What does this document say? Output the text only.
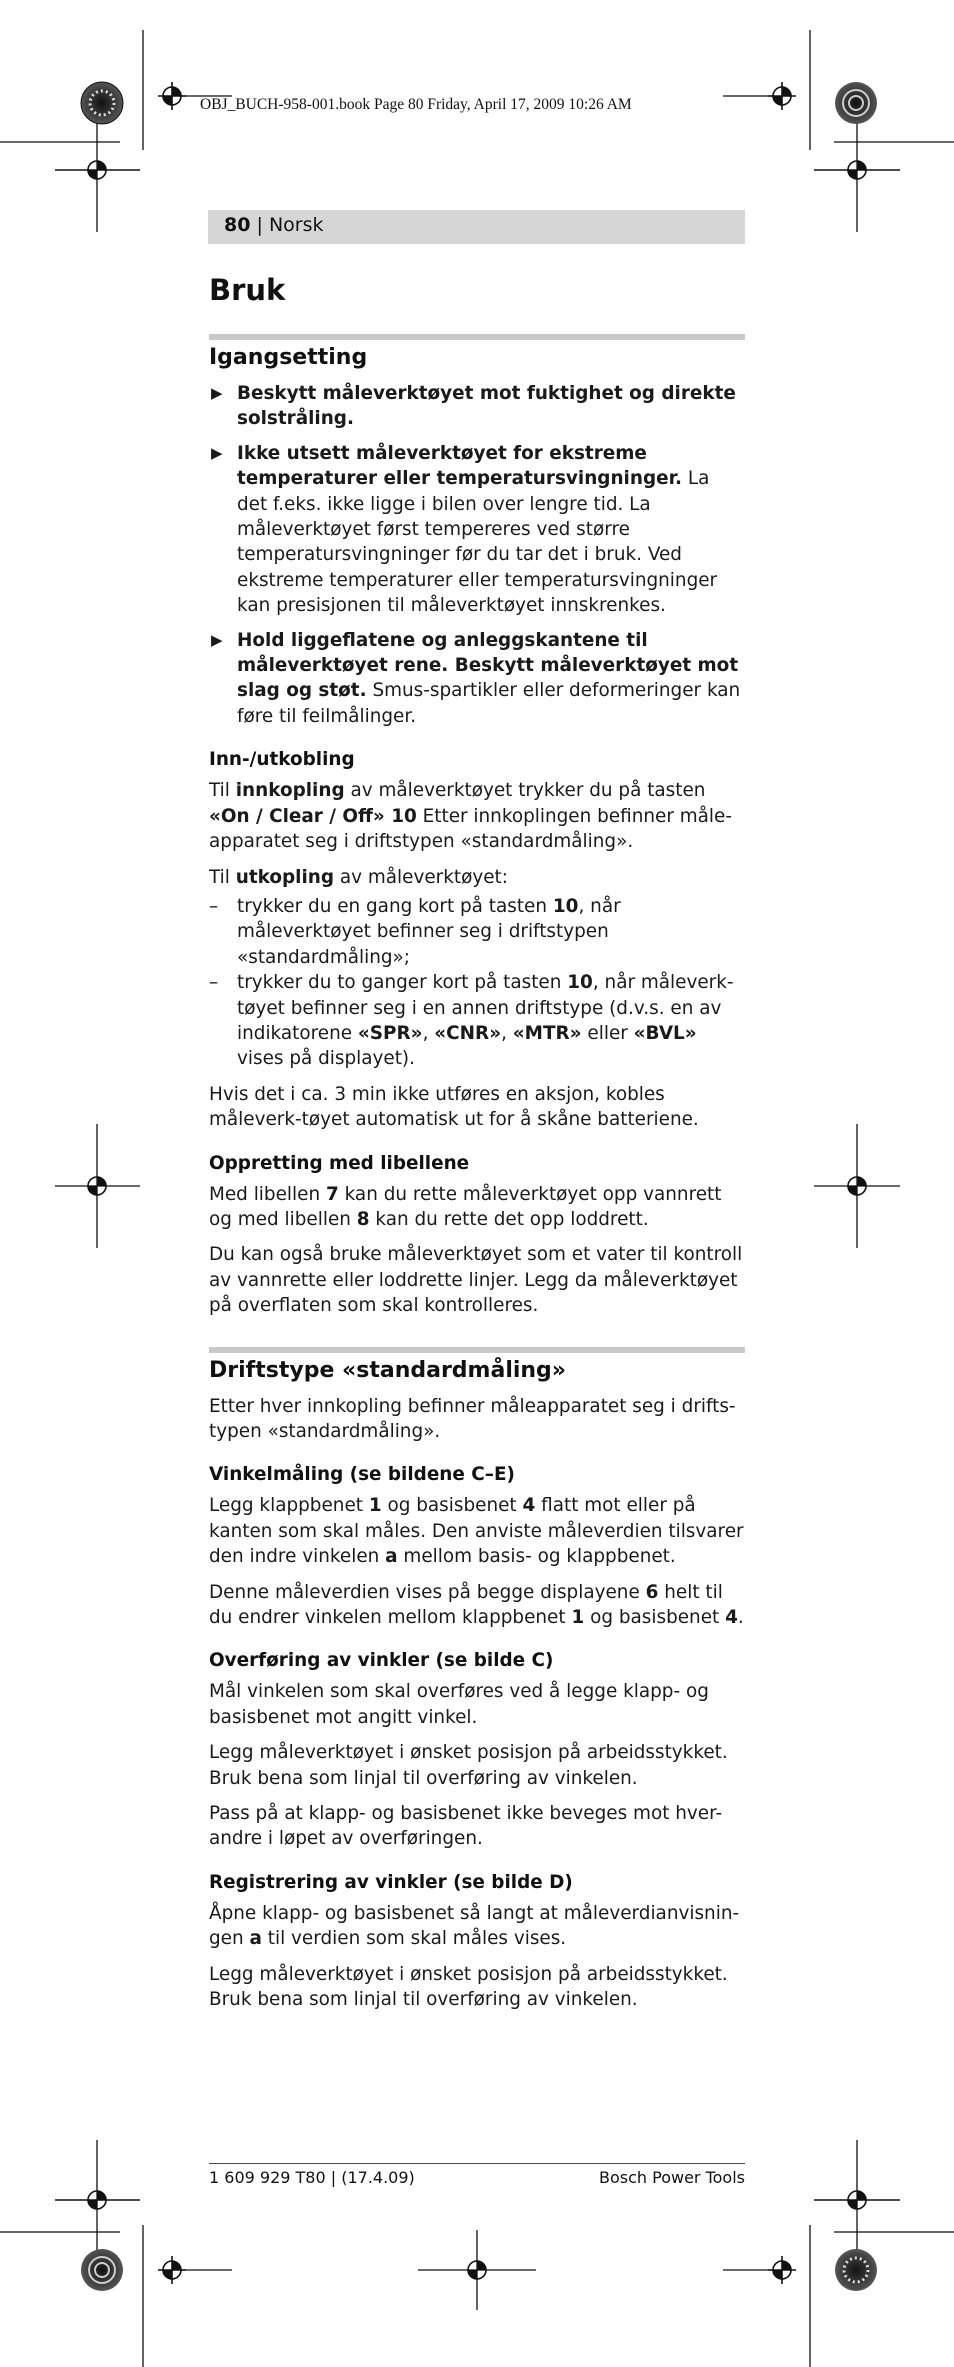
OBJ_BUCH-958-001.book Page 80 Friday, April 17, 2009 10:26 AM
80 | Norsk
Bruk
Igangsetting
▶ Beskytt måleverktøyet mot fuktighet og direkte solstråling.
▶ Ikke utsett måleverktøyet for ekstreme temperaturer eller temperatursvingninger. La det f.eks. ikke ligge i bilen over lengre tid. La måleverktøyet først tempereres ved større temperatursvingninger før du tar det i bruk. Ved ekstreme temperaturer eller temperatursvingninger kan presisjonen til måleverktøyet innskrenkes.
▶ Hold liggeflatene og anleggskantene til måleverktøyet rene. Beskytt måleverktøyet mot slag og støt. Smus-spartikler eller deformeringer kan føre til feilmålinger.
Inn-/utkobling

Til innkopling av måleverktøyet trykker du på tasten «On / Clear / Off» 10 Etter innkoplingen befinner måle-apparatet seg i driftstypen «standardmåling».

Til utkopling av måleverktøyet:

– trykker du en gang kort på tasten 10, når måleverktøyet befinner seg i driftstypen «standardmåling»;
– trykker du to ganger kort på tasten 10, når måleverk-tøyet befinner seg i en annen driftstype (d.v.s. en av indikatorene «SPR», «CNR», «MTR» eller «BVL» vises på displayet).

Hvis det i ca. 3 min ikke utføres en aksjon, kobles måleverk-tøyet automatisk ut for å skåne batteriene.

Oppretting med libellene

Med libellen 7 kan du rette måleverktøyet opp vannrett og med libellen 8 kan du rette det opp loddrett.

Du kan også bruke måleverktøyet som et vater til kontroll av vannrette eller loddrette linjer. Legg da måleverktøyet på overflaten som skal kontrolleres.

Driftstype «standardmåling»

Etter hver innkopling befinner måleapparatet seg i drifts-typen «standardmåling».

Vinkelmåling (se bildene C–E)

Legg klappbenet 1 og basisbenet 4 flatt mot eller på kanten som skal måles. Den anviste måleverdien tilsvarer den indre vinkelen a mellom basis- og klappbenet.

Denne måleverdien vises på begge displayene 6 helt til du endrer vinkelen mellom klappbenet 1 og basisbenet 4.

Overføring av vinkler (se bilde C)

Mål vinkelen som skal overføres ved å legge klapp- og basisbenet mot angitt vinkel.

Legg måleverktøyet i ønsket posisjon på arbeidsstykket. Bruk bena som linjal til overføring av vinkelen.

Pass på at klapp- og basisbenet ikke beveges mot hver-andre i løpet av overføringen.

Registrering av vinkler (se bilde D)

Åpne klapp- og basisbenet så langt at måleverdianvisnin-gen a til verdien som skal måles vises.

Legg måleverktøyet i ønsket posisjon på arbeidsstykket. Bruk bena som linjal til overføring av vinkelen.

1 609 929 T80 | (17.4.09)	Bosch Power Tools
